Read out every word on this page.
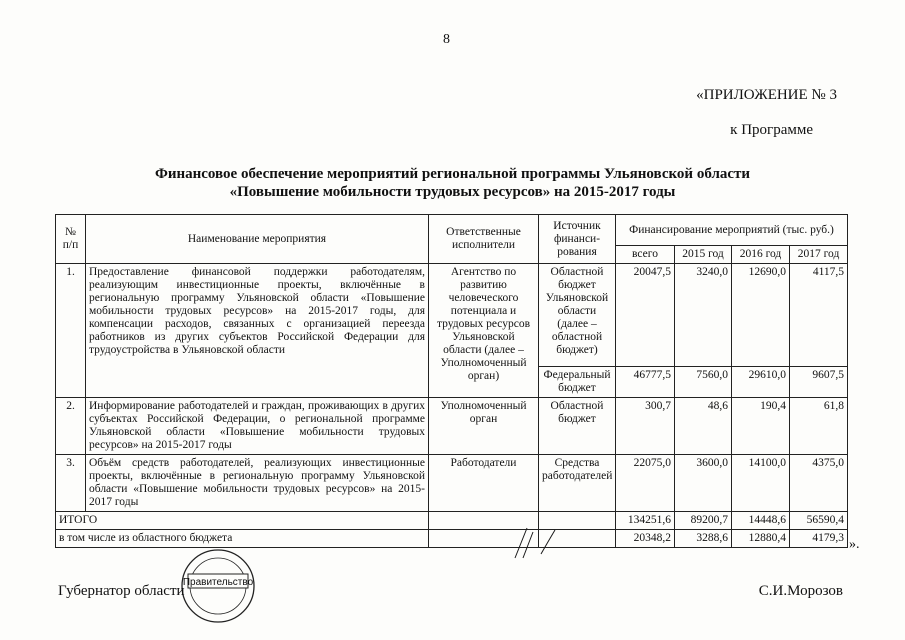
8
«ПРИЛОЖЕНИЕ № 3
к Программе
Финансовое обеспечение мероприятий региональной программы Ульяновской области
«Повышение мобильности трудовых ресурсов» на 2015-2017 годы
№ п/п	Наименование мероприятия	Ответственные исполнители	Источник финанси-рования	Финансирование мероприятий (тыс. руб.)			
				всего	2015 год	2016 год	2017 год
1.	Предоставление финансовой поддержки работодателям, реализующим инвестиционные проекты, включённые в региональную программу Ульяновской области «Повышение мобильности трудовых ресурсов» на 2015-2017 годы, для компенсации расходов, связанных с организацией переезда работников из других субъектов Российской Федерации для трудоустройства в Ульяновской области	Агентство по развитию человеческого потенциала и трудовых ресурсов Ульяновской области (далее – Уполномоченный орган)	Областной бюджет Ульяновской области (далее – областной бюджет)	20047,5	3240,0	12690,0	4117,5
			Федеральный бюджет	46777,5	7560,0	29610,0	9607,5
2.	Информирование работодателей и граждан, проживающих в других субъектах Российской Федерации, о региональной программе Ульяновской области «Повышение мобильности трудовых ресурсов» на 2015-2017 годы	Уполномоченный орган	Областной бюджет	300,7	48,6	190,4	61,8
3.	Объём средств работодателей, реализующих инвестиционные проекты, включённые в региональную программу Ульяновской области «Повышение мобильности трудовых ресурсов» на 2015-2017 годы	Работодатели	Средства работодателей	22075,0	3600,0	14100,0	4375,0
ИТОГО				134251,6	89200,7	14448,6	56590,4
в том числе из областного бюджета				20348,2	3288,6	12880,4	4179,3 ».
Правительство
Губернатор области	С.И.Морозов
